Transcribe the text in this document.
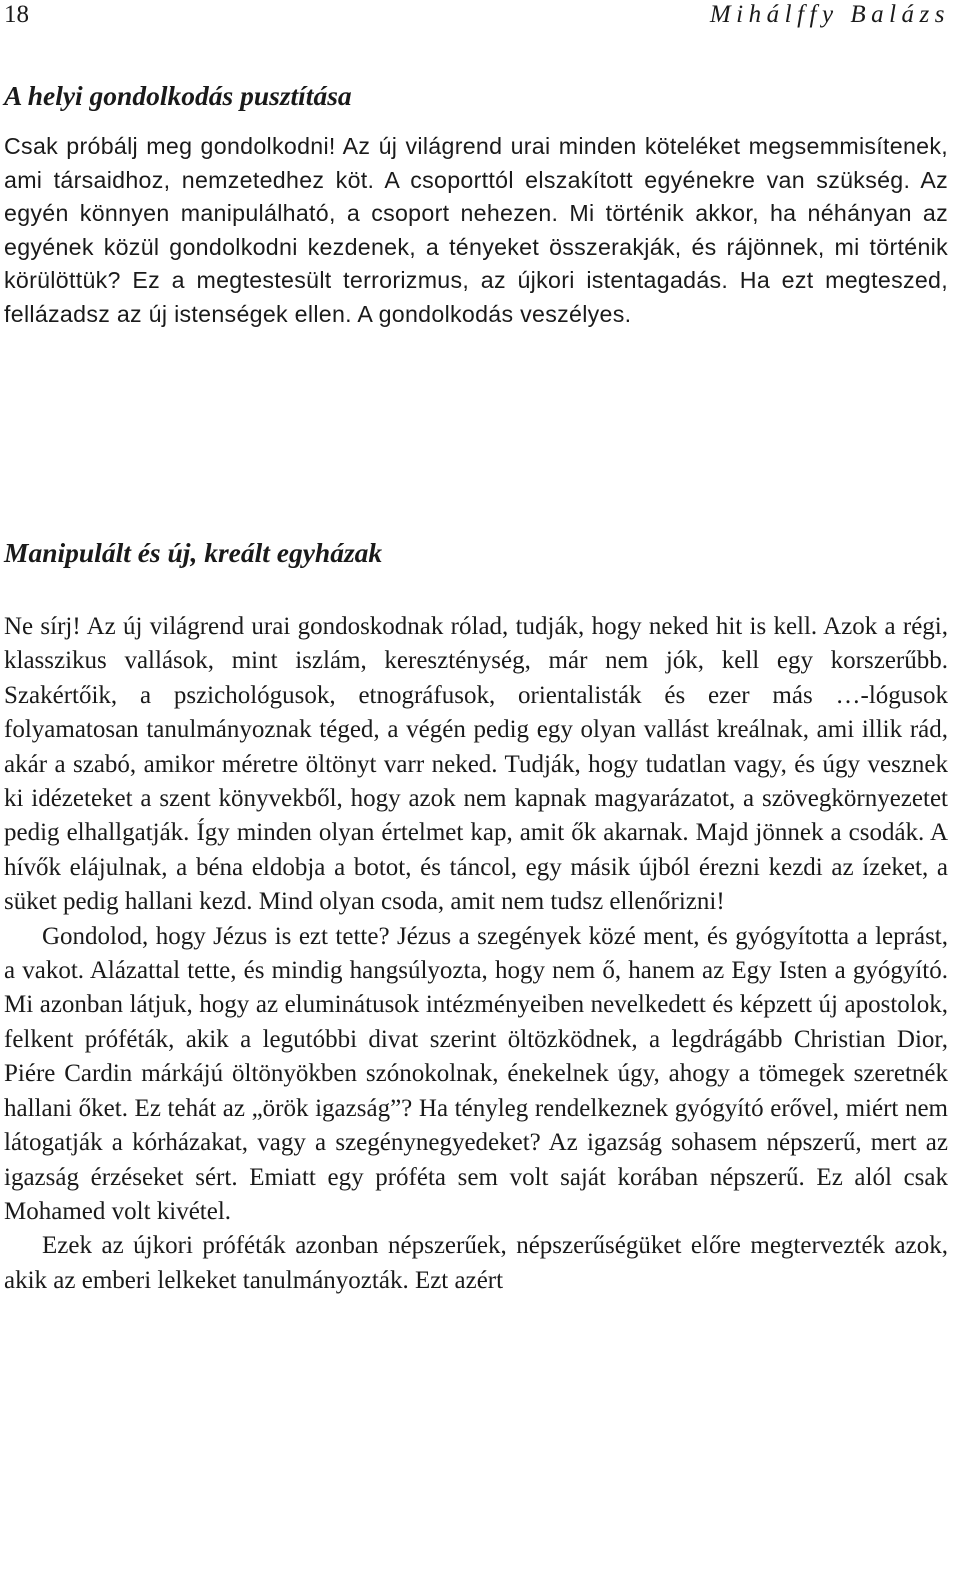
18	Mihálffy Balázs
A helyi gondolkodás pusztítása

Csak próbálj meg gondolkodni! Az új világrend urai minden köteléket megsemmisítenek, ami társaidhoz, nemzetedhez köt. A csoporttól elszakított egyénekre van szükség. Az egyén könnyen manipulálható, a csoport nehezen. Mi történik akkor, ha néhányan az egyének közül gondolkodni kezdenek, a tényeket összerakják, és rájönnek, mi történik körülöttük? Ez a megtestesült terrorizmus, az újkori istentagadás. Ha ezt megteszed, fellázadsz az új istenségek ellen. A gondolkodás veszélyes.

Manipulált és új, kreált egyházak

Ne sírj! Az új világrend urai gondoskodnak rólad, tudják, hogy neked hit is kell. Azok a régi, klasszikus vallások, mint iszlám, kereszténység, már nem jók, kell egy korszerűbb. Szakértőik, a pszichológusok, etnográfusok, orientalisták és ezer más …-lógusok folyamatosan tanulmányoznak téged, a végén pedig egy olyan vallást kreálnak, ami illik rád, akár a szabó, amikor méretre öltönyt varr neked. Tudják, hogy tudatlan vagy, és úgy vesznek ki idézeteket a szent könyvekből, hogy azok nem kapnak magyarázatot, a szövegkörnyezetet pedig elhallgatják. Így minden olyan értelmet kap, amit ők akarnak. Majd jönnek a csodák. A hívők elájulnak, a béna eldobja a botot, és táncol, egy másik újból érezni kezdi az ízeket, a süket pedig hallani kezd. Mind olyan csoda, amit nem tudsz ellenőrizni!

Gondolod, hogy Jézus is ezt tette? Jézus a szegények közé ment, és gyógyította a leprást, a vakot. Alázattal tette, és mindig hangsúlyozta, hogy nem ő, hanem az Egy Isten a gyógyító. Mi azonban látjuk, hogy az eluminátusok intézményeiben nevelkedett és képzett új apostolok, felkent próféták, akik a legutóbbi divat szerint öltözködnek, a legdrágább Christian Dior, Piére Cardin márkájú öltönyökben szónokolnak, énekelnek úgy, ahogy a tömegek szeretnék hallani őket. Ez tehát az „örök igazság”? Ha tényleg rendelkeznek gyógyító erővel, miért nem látogatják a kórházakat, vagy a szegénynegyedeket? Az igazság sohasem népszerű, mert az igazság érzéseket sért. Emiatt egy próféta sem volt saját korában népszerű. Ez alól csak Mohamed volt kivétel.

Ezek az újkori próféták azonban népszerűek, népszerűségüket előre megtervezték azok, akik az emberi lelkeket tanulmányozták. Ezt azért
